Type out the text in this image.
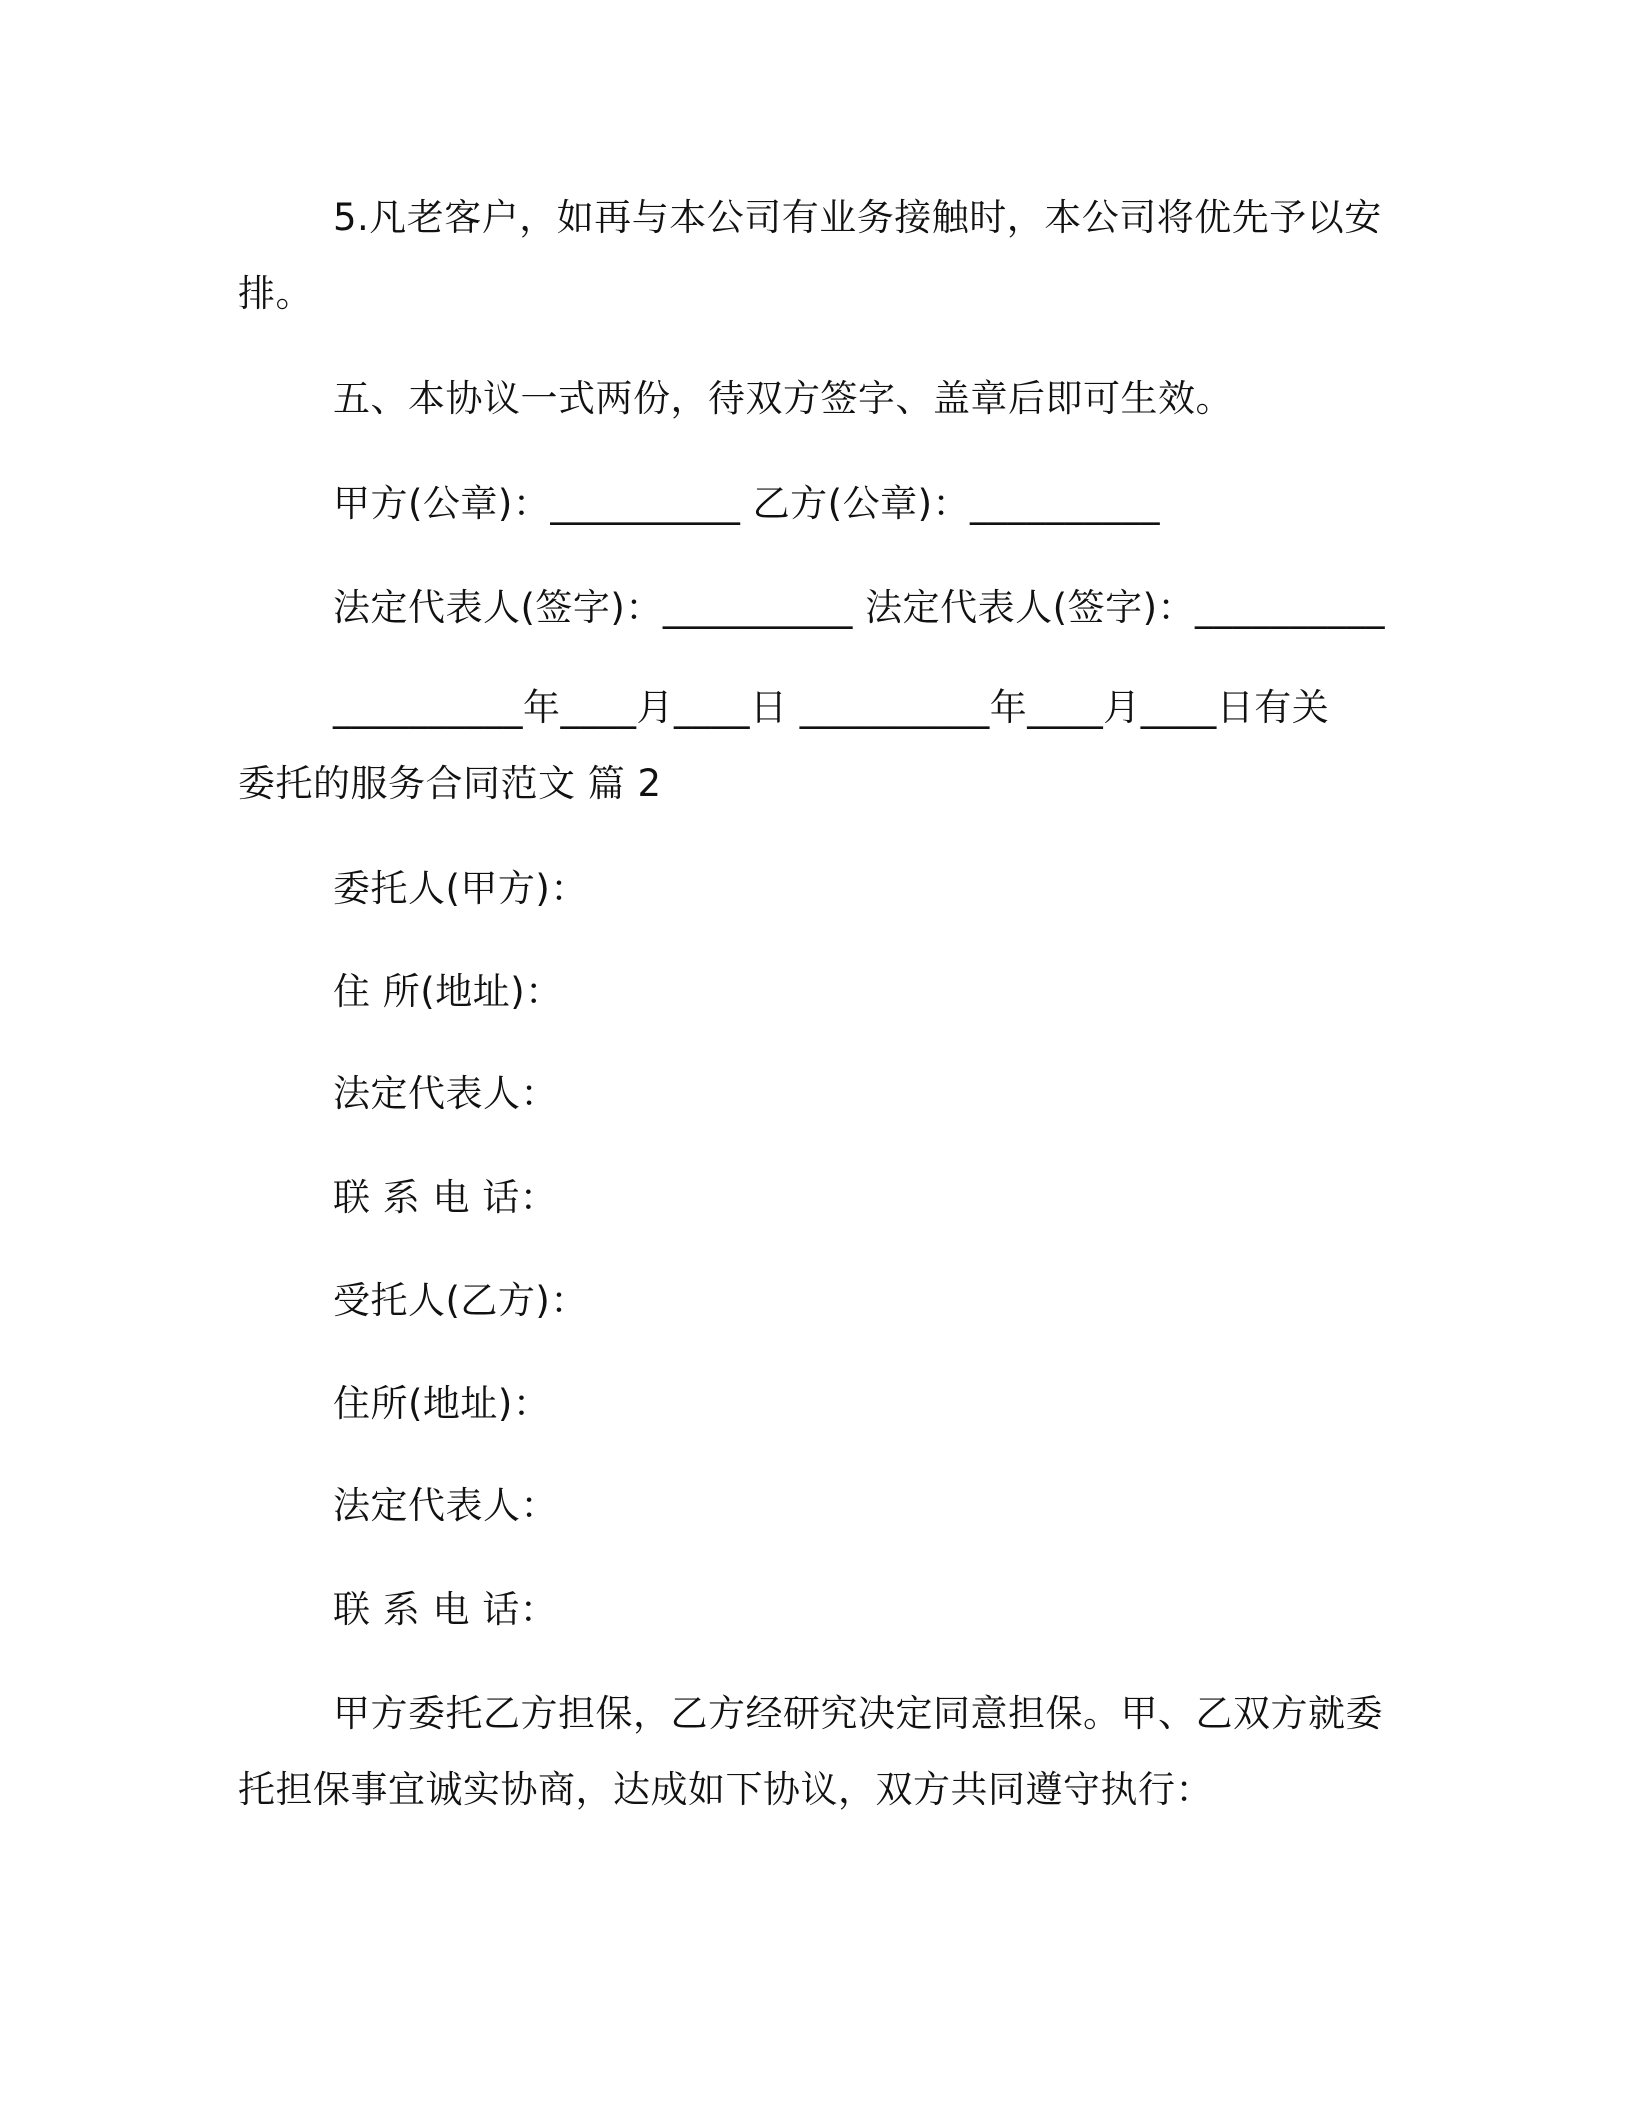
5.凡老客户，如再与本公司有业务接触时，本公司将优先予以安
排。
五、本协议一式两份，待双方签字、盖章后即可生效。
甲方(公章)：__________ 乙方(公章)：__________
法定代表人(签字)：__________ 法定代表人(签字)：__________
__________年____月____日 __________年____月____日有关
委托的服务合同范文 篇 2
委托人(甲方)：
住 所(地址)：
法定代表人：
联 系 电 话：
受托人(乙方)：
住所(地址)：
法定代表人：
联 系 电 话：
甲方委托乙方担保，乙方经研究决定同意担保。甲、乙双方就委
托担保事宜诚实协商，达成如下协议，双方共同遵守执行：
